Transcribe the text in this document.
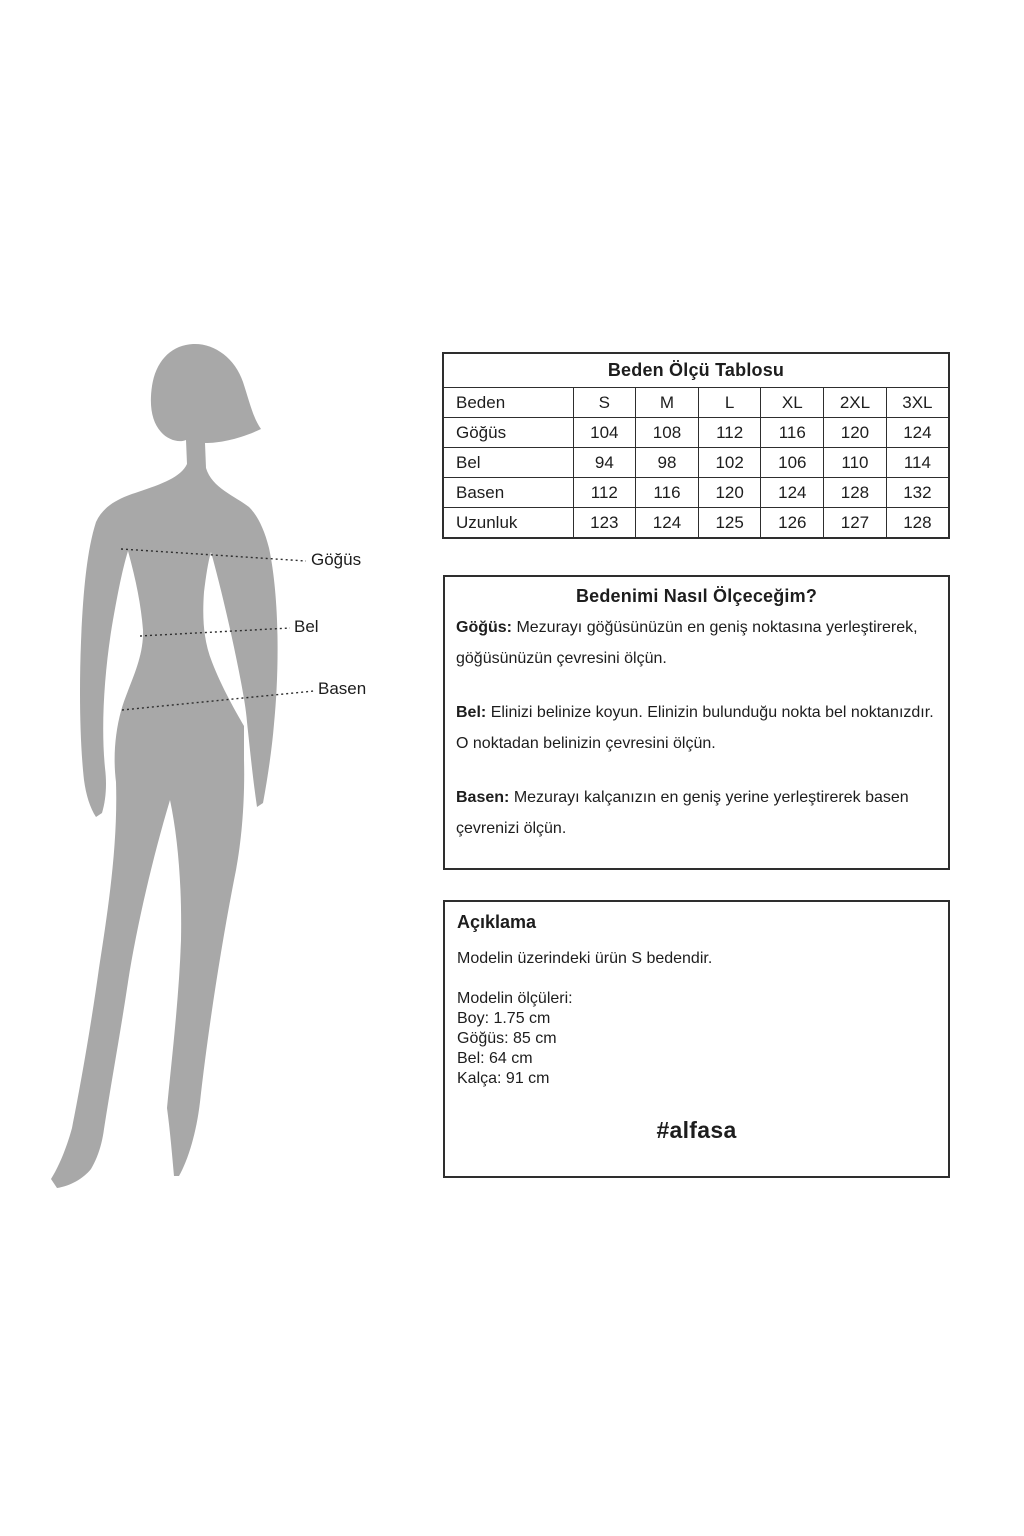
Göğüs
Bel
Basen
Beden Ölçü Tablosu						
Beden	S	M	L	XL	2XL	3XL
Göğüs	104	108	112	116	120	124
Bel	94	98	102	106	110	114
Basen	112	116	120	124	128	132
Uzunluk	123	124	125	126	127	128
Bedenimi Nasıl Ölçeceğim?

Göğüs: Mezurayı göğüsünüzün en geniş noktasına yerleştirerek, göğüsünüzün çevresini ölçün.

Bel: Elinizi belinize koyun. Elinizin bulunduğu nokta bel noktanızdır. O noktadan belinizin çevresini ölçün.

Basen: Mezurayı kalçanızın en geniş yerine yerleştirerek basen çevrenizi ölçün.

Açıklama
Modelin üzerindeki ürün S bedendir.
Modelin ölçüleri:
Boy: 1.75 cm
Göğüs: 85 cm
Bel: 64 cm
Kalça: 91 cm
#alfasa
